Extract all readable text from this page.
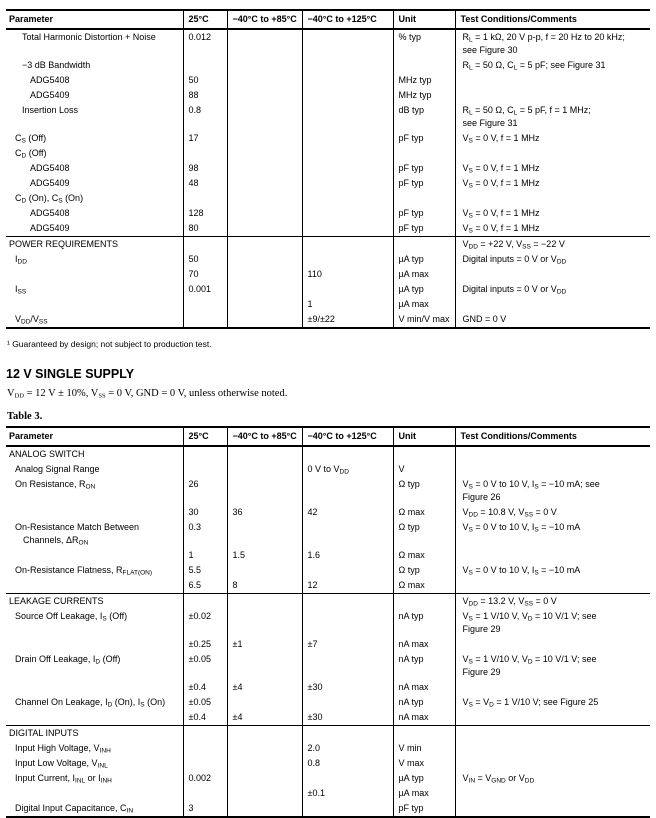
Parameter	25°C	−40°C to +85°C	−40°C to +125°C	Unit	Test Conditions/Comments
Total Harmonic Distortion + Noise	0.012			% typ	$R_L = 1$ kΩ, 20 V p-p, f = 20 Hz to 20 kHz;
see Figure 30
−3 dB Bandwidth					$R_L = 50$ Ω, $C_L = 5$ pF; see Figure 31
ADG5408	50			MHz typ	
ADG5409	88			MHz typ	
Insertion Loss	0.8			dB typ	$R_L = 50$ Ω, $C_L = 5$ pF, f = 1 MHz;
see Figure 31
$C_S$ (Off)	17			pF typ	$V_S = 0$ V, f = 1 MHz
$C_D$ (Off)					
ADG5408	98			pF typ	$V_S = 0$ V, f = 1 MHz
ADG5409	48			pF typ	$V_S = 0$ V, f = 1 MHz
$C_D$ (On), $C_S$ (On)					
ADG5408	128			pF typ	$V_S = 0$ V, f = 1 MHz
ADG5409	80			pF typ	$V_S = 0$ V, f = 1 MHz
POWER REQUIREMENTS					$V_{DD} = +22$ V, $V_{SS} = -22$ V
$I_{DD}$	50			µA typ	Digital inputs = 0 V or $V_{DD}$
	70		110	µA max	
$I_{SS}$	0.001			µA typ	Digital inputs = 0 V or $V_{DD}$
			1	µA max	
$V_{DD}/V_{SS}$			±9/±22	V min/V max	GND = 0 V
¹ Guaranteed by design; not subject to production test.
12 V SINGLE SUPPLY
$V_{DD} = 12$ V ± 10%, $V_{SS} = 0$ V, GND = 0 V, unless otherwise noted.
Table 3.
Parameter	25°C	−40°C to +85°C	−40°C to +125°C	Unit	Test Conditions/Comments
ANALOG SWITCH					
Analog Signal Range			0 V to $V_{DD}$	V	
On Resistance, $R_{ON}$	26			Ω typ	$V_S = 0$ V to 10 V, $I_S = -10$ mA; see
Figure 26
	30	36	42	Ω max	$V_{DD} = 10.8$ V, $V_{SS} = 0$ V
On-Resistance Match Between
Channels, $\Delta R_{ON}$	0.3			Ω typ	$V_S = 0$ V to 10 V, $I_S = -10$ mA
	1	1.5	1.6	Ω max	
On-Resistance Flatness, $R_{FLAT(ON)}$	5.5			Ω typ	$V_S = 0$ V to 10 V, $I_S = -10$ mA
	6.5	8	12	Ω max	
LEAKAGE CURRENTS					$V_{DD} = 13.2$ V, $V_{SS} = 0$ V
Source Off Leakage, $I_S$ (Off)	±0.02			nA typ	$V_S = 1$ V/10 V, $V_D = 10$ V/1 V; see
Figure 29
	±0.25	±1	±7	nA max	
Drain Off Leakage, $I_D$ (Off)	±0.05			nA typ	$V_S = 1$ V/10 V, $V_D = 10$ V/1 V; see
Figure 29
	±0.4	±4	±30	nA max	
Channel On Leakage, $I_D$ (On), $I_S$ (On)	±0.05			nA typ	$V_S = V_D = 1$ V/10 V; see Figure 25
	±0.4	±4	±30	nA max	
DIGITAL INPUTS					
Input High Voltage, $V_{INH}$			2.0	V min	
Input Low Voltage, $V_{INL}$			0.8	V max	
Input Current, $I_{INL}$ or $I_{INH}$	0.002			µA typ	$V_{IN} = V_{GND}$ or $V_{DD}$
			±0.1	µA max	
Digital Input Capacitance, $C_{IN}$	3			pF typ	
